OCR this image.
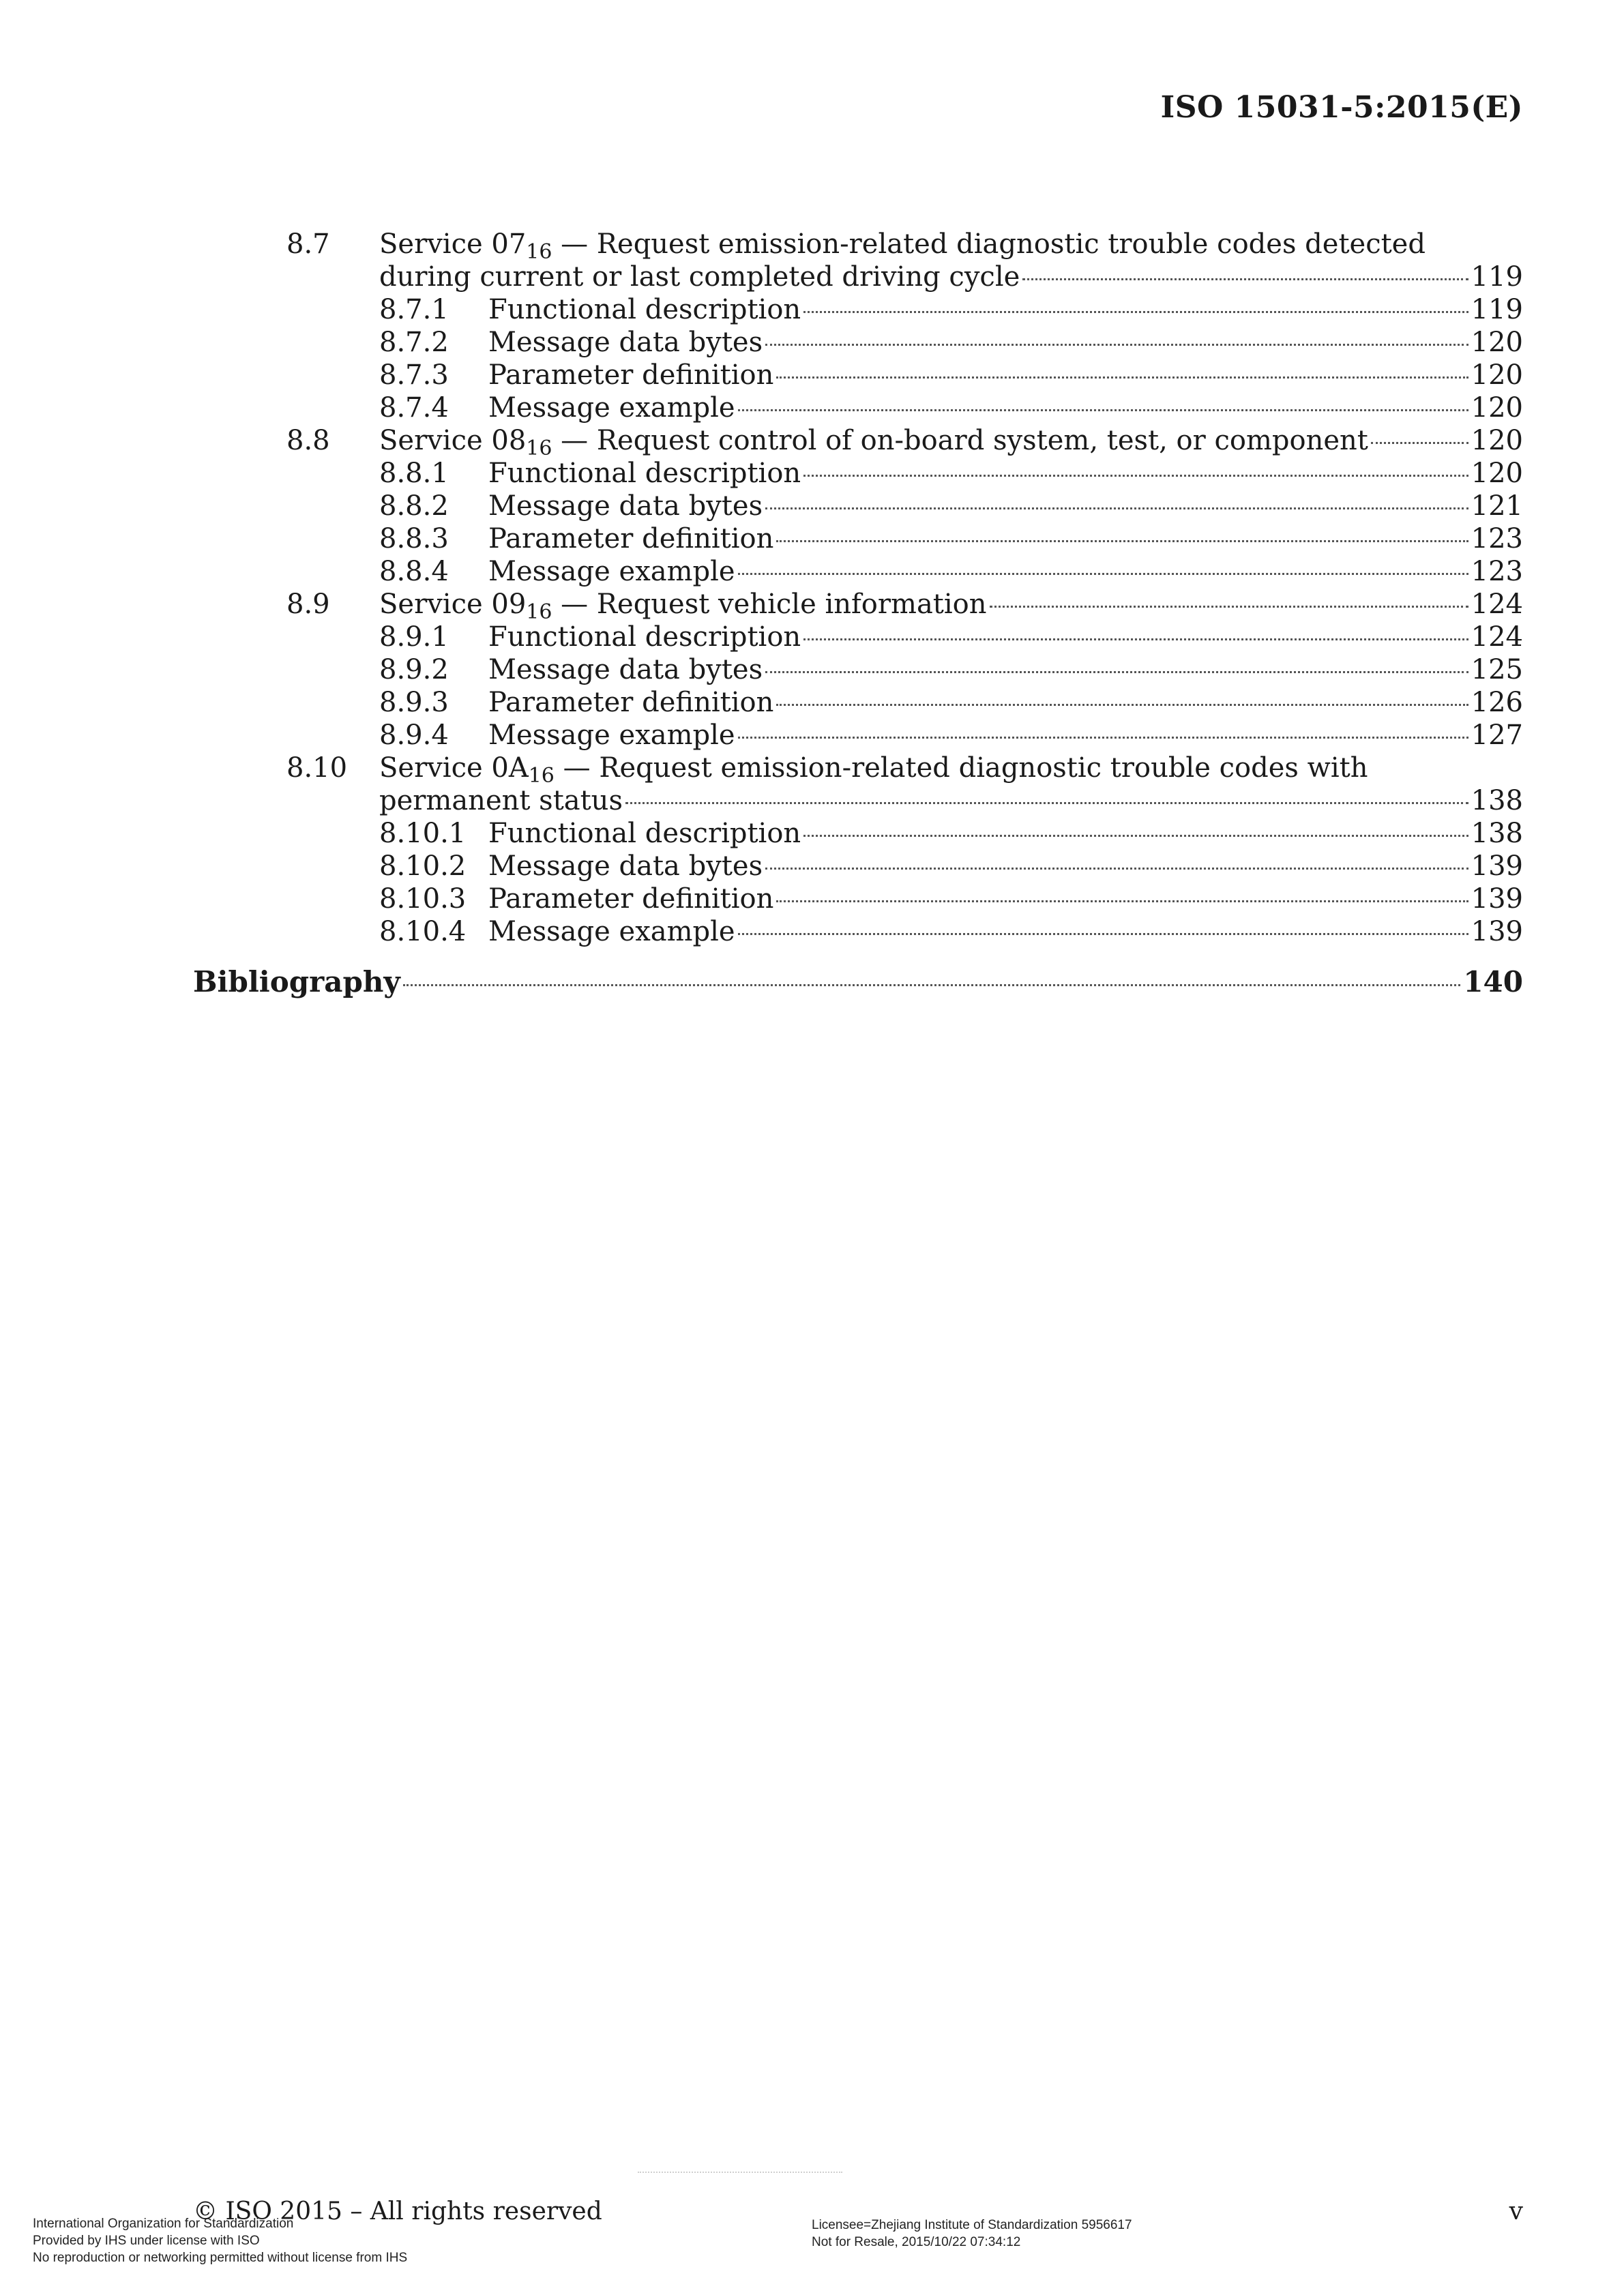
ISO 15031-5:2015(E)
8.7	Service $07_{16}$ — Request emission-related diagnostic trouble codes detected
during current or last completed driving cycle	119
8.7.1	Functional description	119
8.7.2	Message data bytes	120
8.7.3	Parameter definition	120
8.7.4	Message example	120
8.8	Service $08_{16}$ — Request control of on-board system, test, or component	120
8.8.1	Functional description	120
8.8.2	Message data bytes	121
8.8.3	Parameter definition	123
8.8.4	Message example	123
8.9	Service $09_{16}$ — Request vehicle information	124
8.9.1	Functional description	124
8.9.2	Message data bytes	125
8.9.3	Parameter definition	126
8.9.4	Message example	127
8.10	Service $0A_{16}$ — Request emission-related diagnostic trouble codes with
permanent status	138
8.10.1 Functional description	138
8.10.2 Message data bytes	139
8.10.3 Parameter definition	139
8.10.4 Message example	139
Bibliography	140
© ISO 2015 – All rights reserved	v
International Organization for Standardization
Provided by IHS under license with ISO
No reproduction or networking permitted without license from IHS
Licensee=Zhejiang Institute of Standardization 5956617
Not for Resale, 2015/10/22 07:34:12
